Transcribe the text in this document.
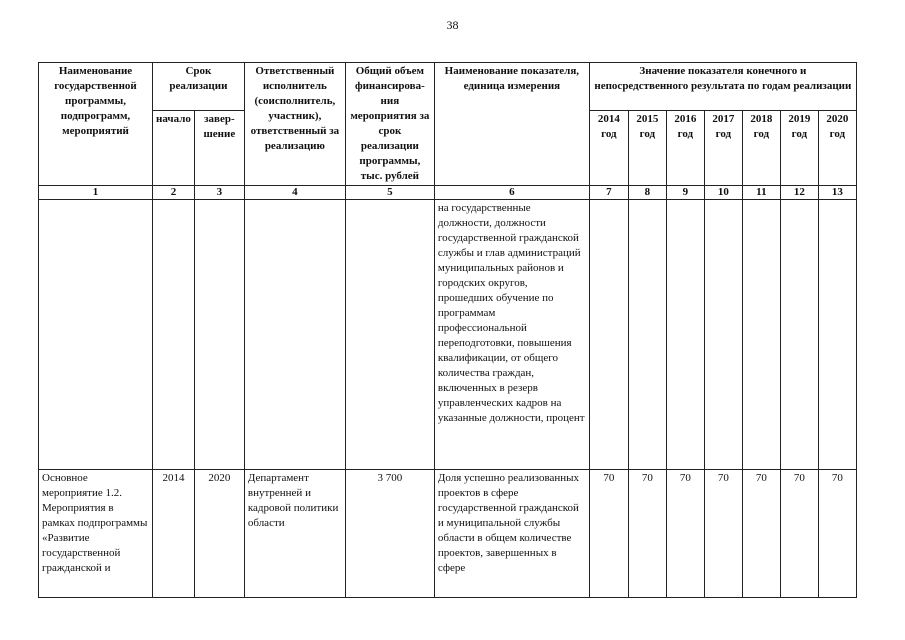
38
Наименование государственной программы, подпрограмм, мероприятий	Срок реализации		Ответственный исполнитель (соисполнитель, участник), ответственный за реализацию	Общий объем финансирова-ния мероприятия за срок реализации программы, тыс. рублей	Наименование показателя, единица измерения	Значение показателя конечного и непосредственного результата по годам реализации						
	начало	завер-шение				2014 год	2015 год	2016 год	2017 год	2018 год	2019 год	2020 год
1	2	3	4	5	6	7	8	9	10	11	12	13
					на государственные должности, должности государственной гражданской службы и глав администраций муниципальных районов и городских округов, прошедших обучение по программам профессиональной переподготовки, повышения квалификации, от общего количества граждан, включенных в резерв управленческих кадров на указанные должности, процент							
Основное мероприятие 1.2. Мероприятия в рамках подпрограммы «Развитие государственной гражданской и	2014	2020	Департамент внутренней и кадровой политики области	3 700	Доля успешно реализованных проектов в сфере государственной гражданской и муниципальной службы области в общем количестве проектов, завершенных в сфере	70	70	70	70	70	70	70
